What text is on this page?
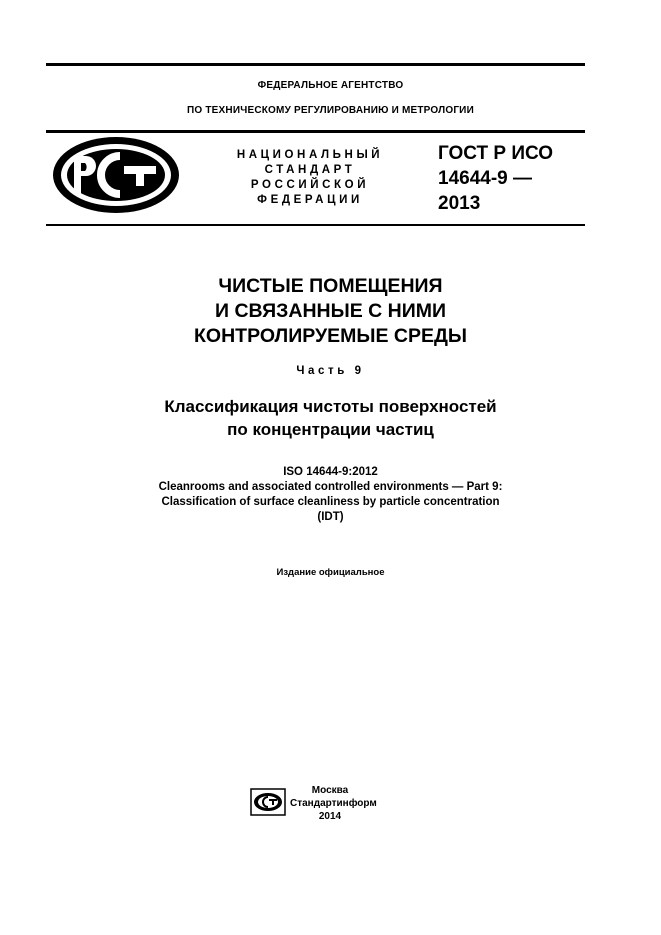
ФЕДЕРАЛЬНОЕ АГЕНТСТВО
ПО ТЕХНИЧЕСКОМУ РЕГУЛИРОВАНИЮ И МЕТРОЛОГИИ
НАЦИОНАЛЬНЫЙ
СТАНДАРТ
РОССИЙСКОЙ
ФЕДЕРАЦИИ
ГОСТ Р ИСО
14644-9 —
2013
ЧИСТЫЕ ПОМЕЩЕНИЯ
И СВЯЗАННЫЕ С НИМИ
КОНТРОЛИРУЕМЫЕ СРЕДЫ
Часть 9
Классификация чистоты поверхностей
по концентрации частиц
ISO 14644-9:2012
Cleanrooms and associated controlled environments — Part 9:
Classification of surface cleanliness by particle concentration
(IDT)
Издание официальное
Москва
Стандартинформ
2014
